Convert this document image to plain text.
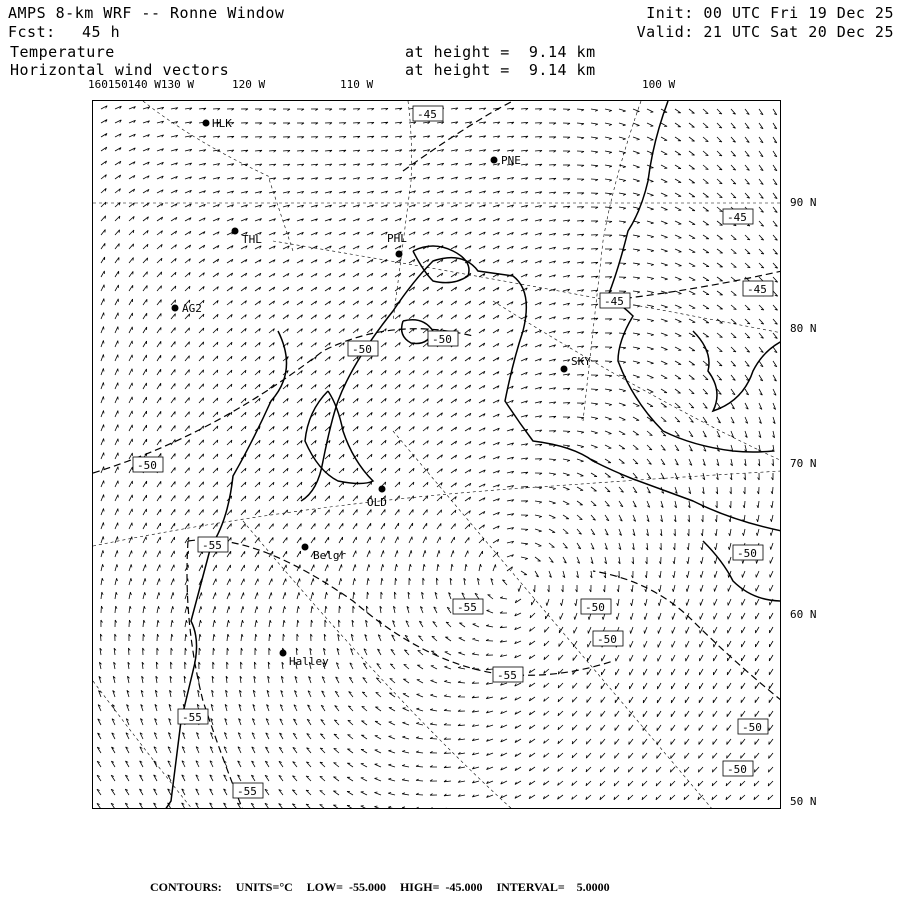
AMPS 8-km WRF -- Ronne Window
Fcst: 45 h
Temperature
Horizontal wind vectors
at height =  9.14 km
at height =  9.14 km
Init: 00 UTC Fri 19 Dec 25
Valid: 21 UTC Sat 20 Dec 25
160150140 W130 W	120 W	110 W	100 W
90 N
80 N
70 N
60 N
50 N
HLK
PNE
THL	PHL
AG2
SKY
OLD
Belgr
Halley
-45
-45
-45
-45
-50
-50
-50
-55
-55	-50
-50
-55
-50
-50
-55
-55
-50
CONTOURS: UNITS=°C LOW=  -55.000 HIGH=  -45.000 INTERVAL=    5.0000
